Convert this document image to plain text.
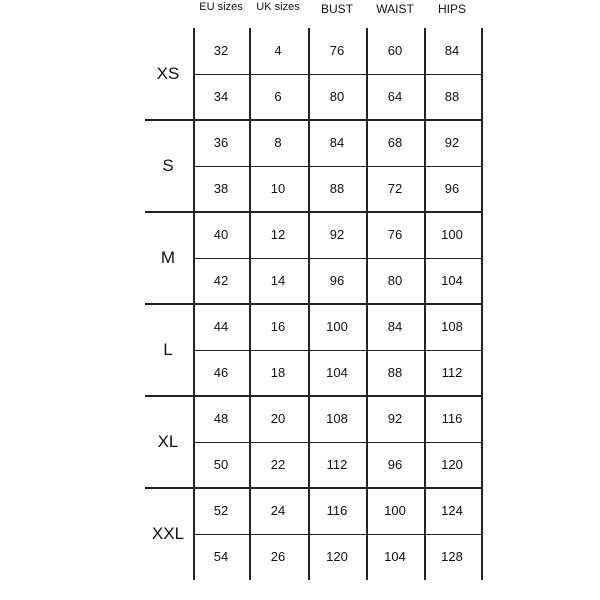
EU sizes	UK sizes	BUST	WAIST	HIPS
XS
32	4	76	60	84
34	6	80	64	88
S
36	8	84	68	92
38	10	88	72	96
M
40	12	92	76	100
42	14	96	80	104
L
44	16	100	84	108
46	18	104	88	112
XL
48	20	108	92	116
50	22	112	96	120
XXL
52	24	116	100	124
54	26	120	104	128
